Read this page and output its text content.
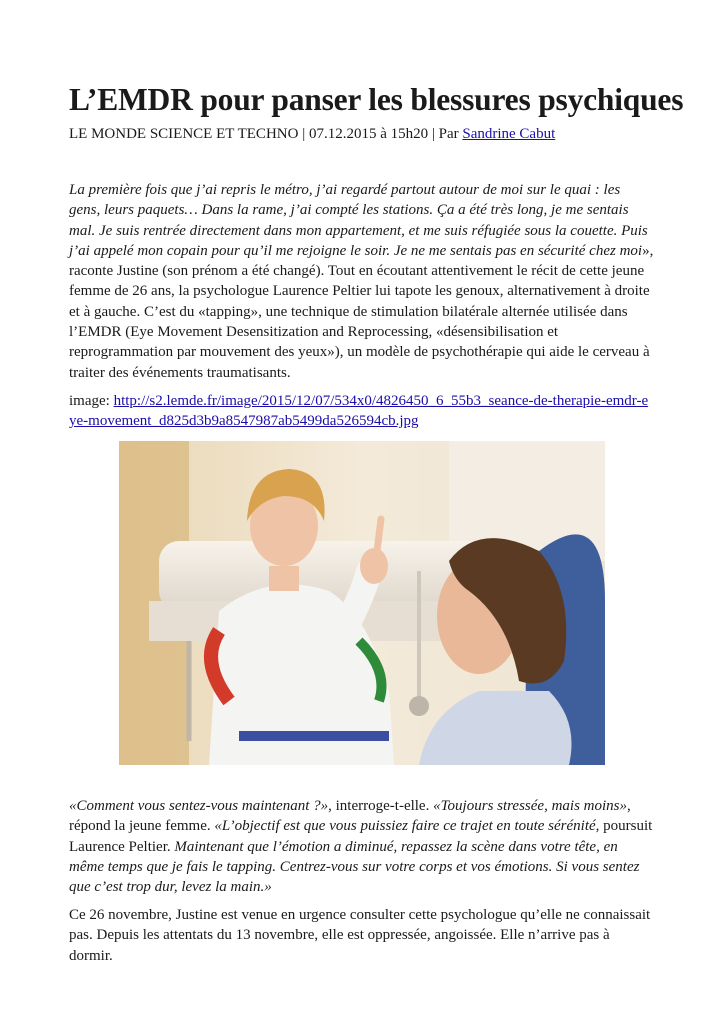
L’EMDR pour panser les blessures psychiques
LE MONDE SCIENCE ET TECHNO | 07.12.2015 à 15h20 | Par Sandrine Cabut

La première fois que j’ai repris le métro, j’ai regardé partout autour de moi sur le quai : les gens, leurs paquets… Dans la rame, j’ai compté les stations. Ça a été très long, je me sentais mal. Je suis rentrée directement dans mon appartement, et me suis réfugiée sous la couette. Puis j’ai appelé mon copain pour qu’il me rejoigne le soir. Je ne me sentais pas en sécurité chez moi», raconte Justine (son prénom a été changé). Tout en écoutant attentivement le récit de cette jeune femme de 26 ans, la psychologue Laurence Peltier lui tapote les genoux, alternativement à droite et à gauche. C’est du «tapping», une technique de stimulation bilatérale alternée utilisée dans l’EMDR (Eye Movement Desensitization and Reprocessing, «désensibilisation et reprogrammation par mouvement des yeux»), un modèle de psychothérapie qui aide le cerveau à traiter des événements traumatisants.

image: http://s2.lemde.fr/image/2015/12/07/534x0/4826450_6_55b3_seance-de-therapie-emdr-eye-movement_d825d3b9a8547987ab5499da526594cb.jpg

«Comment vous sentez-vous maintenant ?», interroge-t-elle. «Toujours stressée, mais moins», répond la jeune femme. «L’objectif est que vous puissiez faire ce trajet en toute sérénité, poursuit Laurence Peltier. Maintenant que l’émotion a diminué, repassez la scène dans votre tête, en même temps que je fais le tapping. Centrez-vous sur votre corps et vos émotions. Si vous sentez que c’est trop dur, levez la main.»

Ce 26 novembre, Justine est venue en urgence consulter cette psychologue qu’elle ne connaissait pas. Depuis les attentats du 13 novembre, elle est oppressée, angoissée. Elle n’arrive pas à dormir.
